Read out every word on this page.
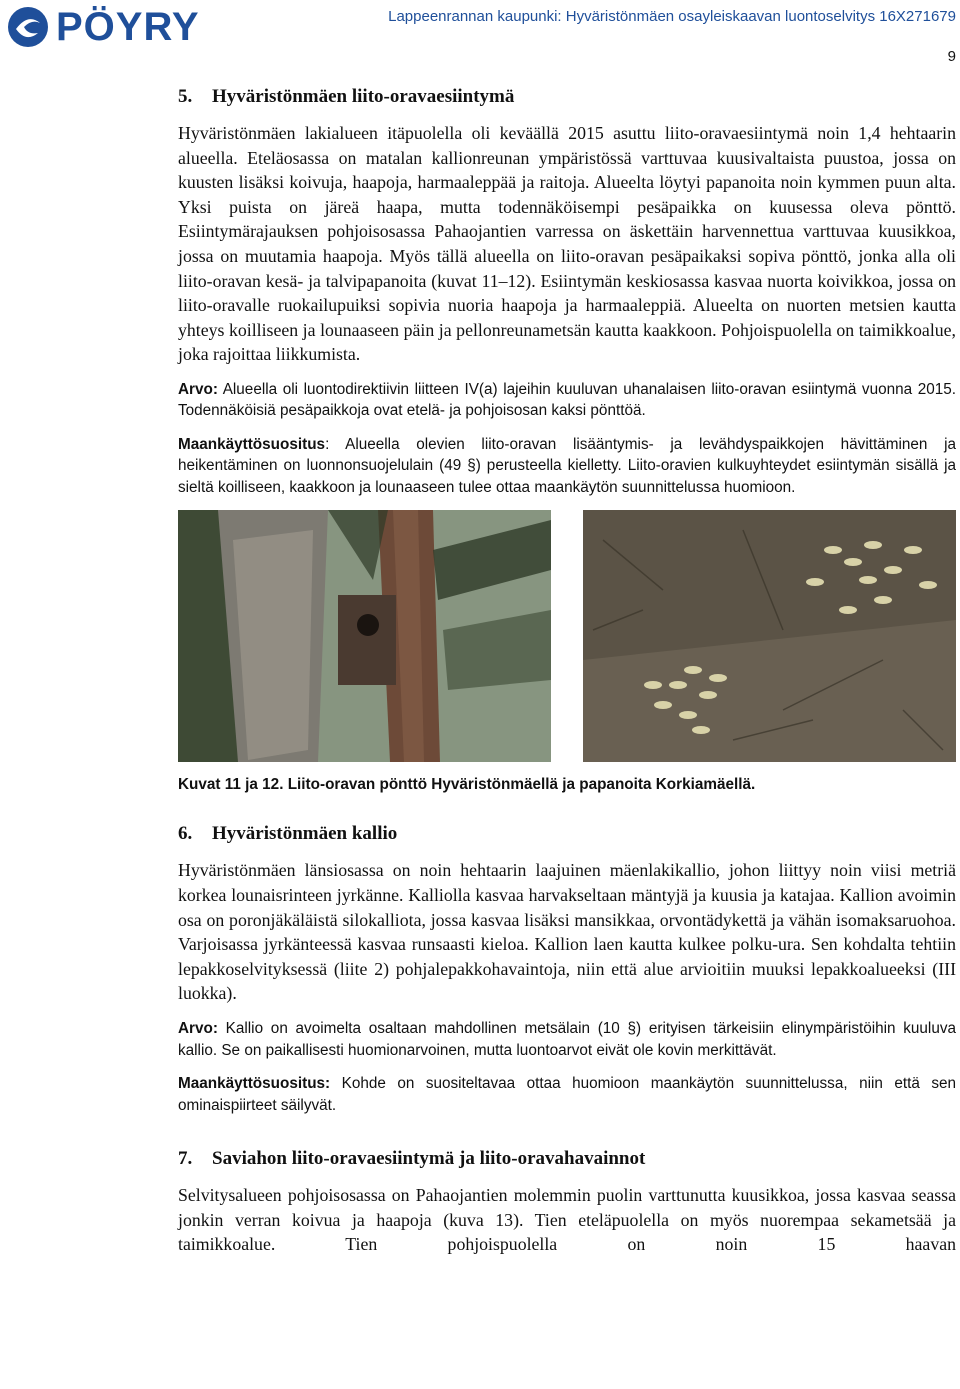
PÖYRY	Lappeenrannan kaupunki: Hyväristönmäen osayleiskaavan luontoselvitys 16X271679
9
5. Hyväristönmäen liito-oravaesiintymä

Hyväristönmäen lakialueen itäpuolella oli keväällä 2015 asuttu liito-oravaesiintymä noin 1,4 hehtaarin alueella. Eteläosassa on matalan kallionreunan ympäristössä varttuvaa kuusivaltaista puustoa, jossa on kuusten lisäksi koivuja, haapoja, harmaaleppää ja raitoja. Alueelta löytyi papanoita noin kymmen puun alta. Yksi puista on järeä haapa, mutta todennäköisempi pesäpaikka on kuusessa oleva pönttö. Esiintymärajauksen pohjoisosassa Pahaojantien varressa on äskettäin harvennettua varttuvaa kuusikkoa, jossa on muutamia haapoja. Myös tällä alueella on liito-oravan pesäpaikaksi sopiva pönttö, jonka alla oli liito-oravan kesä- ja talvipapanoita (kuvat 11–12). Esiintymän keskiosassa kasvaa nuorta koivikkoa, jossa on liito-oravalle ruokailupuiksi sopivia nuoria haapoja ja harmaaleppiä. Alueelta on nuorten metsien kautta yhteys koilliseen ja lounaaseen päin ja pellonreunametsän kautta kaakkoon. Pohjoispuolella on taimikkoalue, joka rajoittaa liikkumista.

Arvo: Alueella oli luontodirektiivin liitteen IV(a) lajeihin kuuluvan uhanalaisen liito-oravan esiintymä vuonna 2015. Todennäköisiä pesäpaikkoja ovat etelä- ja pohjoisosan kaksi pönttöä.

Maankäyttösuositus: Alueella olevien liito-oravan lisääntymis- ja levähdyspaikkojen hävittäminen ja heikentäminen on luonnonsuojelulain (49 §) perusteella kielletty. Liito-oravien kulkuyhteydet esiintymän sisällä ja sieltä koilliseen, kaakkoon ja lounaaseen tulee ottaa maankäytön suunnittelussa huomioon.

Kuvat 11 ja 12. Liito-oravan pönttö Hyväristönmäellä ja papanoita Korkiamäellä.
6. Hyväristönmäen kallio

Hyväristönmäen länsiosassa on noin hehtaarin laajuinen mäenlakikallio, johon liittyy noin viisi metriä korkea lounaisrinteen jyrkänne. Kalliolla kasvaa harvakseltaan mäntyjä ja kuusia ja katajaa. Kallion avoimin osa on poronjäkäläistä silokalliota, jossa kasvaa lisäksi mansikkaa, orvontädykettä ja vähän isomaksaruohoa. Varjoisassa jyrkänteessä kasvaa runsaasti kieloa. Kallion laen kautta kulkee polku-ura. Sen kohdalta tehtiin lepakkoselvityksessä (liite 2) pohjalepakkohavaintoja, niin että alue arvioitiin muuksi lepakkoalueeksi (III luokka).

Arvo: Kallio on avoimelta osaltaan mahdollinen metsälain (10 §) erityisen tärkeisiin elinympäristöihin kuuluva kallio. Se on paikallisesti huomionarvoinen, mutta luontoarvot eivät ole kovin merkittävät.

Maankäyttösuositus: Kohde on suositeltavaa ottaa huomioon maankäytön suunnittelussa, niin että sen ominaispiirteet säilyvät.

7. Saviahon liito-oravaesiintymä ja liito-oravahavainnot

Selvitysalueen pohjoisosassa on Pahaojantien molemmin puolin varttunutta kuusikkoa, jossa kasvaa seassa jonkin verran koivua ja haapoja (kuva 13). Tien eteläpuolella on myös nuorempaa sekametsää ja taimikkoalue. Tien pohjoispuolella on noin 15 haavan
